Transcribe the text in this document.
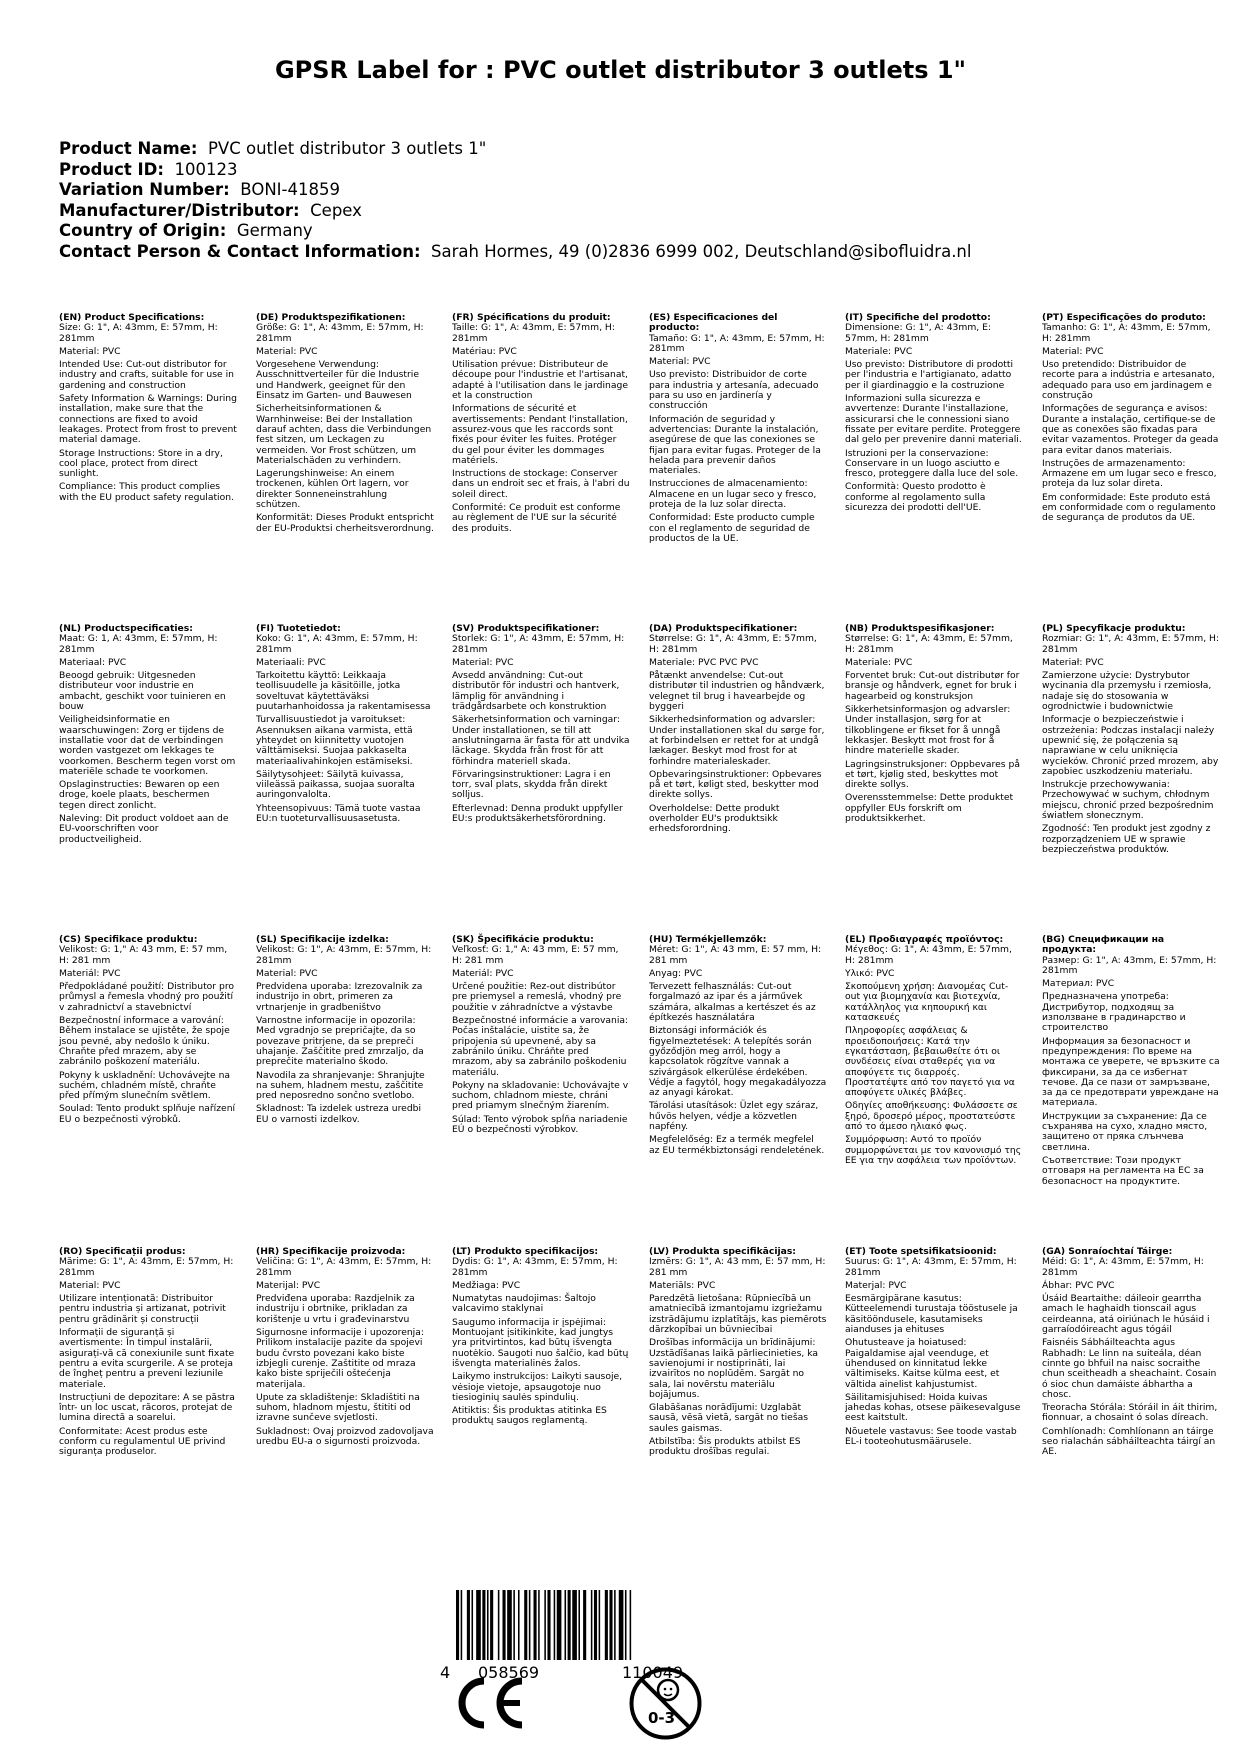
GPSR Label for : PVC outlet distributor 3 outlets 1"
Product Name: PVC outlet distributor 3 outlets 1"
Product ID: 100123
Variation Number: BONI-41859
Manufacturer/Distributor: Cepex
Country of Origin: Germany
Contact Person & Contact Information: Sarah Hormes, 49 (0)2836 6999 002, Deutschland@sibofluidra.nl
(EN) Product Specifications:

Size: G: 1", A: 43mm, E: 57mm, H: 281mm

Material: PVC

Intended Use: Cut-out distributor for industry and crafts, suitable for use in gardening and construction

Safety Information & Warnings: During installation, make sure that the connections are fixed to avoid leakages. Protect from frost to prevent material damage.

Storage Instructions: Store in a dry, cool place, protect from direct sunlight.

Compliance: This product complies with the EU product safety regulation.

(DE) Produktspezifikationen:

Größe: G: 1", A: 43mm, E: 57mm, H: 281mm

Material: PVC

Vorgesehene Verwendung: Ausschnittverteiler für die Industrie und Handwerk, geeignet für den Einsatz im Garten- und Bauwesen

Sicherheitsinformationen & Warnhinweise: Bei der Installation darauf achten, dass die Verbindungen fest sitzen, um Leckagen zu vermeiden. Vor Frost schützen, um Materialschäden zu verhindern.

Lagerungshinweise: An einem trockenen, kühlen Ort lagern, vor direkter Sonneneinstrahlung schützen.

Konformität: Dieses Produkt entspricht der EU-Produktsi cherheitsverordnung.

(FR) Spécifications du produit:

Taille: G: 1", A: 43mm, E: 57mm, H: 281mm

Matériau: PVC

Utilisation prévue: Distributeur de découpe pour l'industrie et l'artisanat, adapté à l'utilisation dans le jardinage et la construction

Informations de sécurité et avertissements: Pendant l'installation, assurez-vous que les raccords sont fixés pour éviter les fuites. Protéger du gel pour éviter les dommages matériels.

Instructions de stockage: Conserver dans un endroit sec et frais, à l'abri du soleil direct.

Conformité: Ce produit est conforme au règlement de l'UE sur la sécurité des produits.

(ES) Especificaciones del producto:

Tamaño: G: 1", A: 43mm, E: 57mm, H: 281mm

Material: PVC

Uso previsto: Distribuidor de corte para industria y artesanía, adecuado para su uso en jardinería y construcción

Información de seguridad y advertencias: Durante la instalación, asegúrese de que las conexiones se fijan para evitar fugas. Proteger de la helada para prevenir daños materiales.

Instrucciones de almacenamiento: Almacene en un lugar seco y fresco, proteja de la luz solar directa.

Conformidad: Este producto cumple con el reglamento de seguridad de productos de la UE.

(IT) Specifiche del prodotto:

Dimensione: G: 1", A: 43mm, E: 57mm, H: 281mm

Materiale: PVC

Uso previsto: Distributore di prodotti per l'industria e l'artigianato, adatto per il giardinaggio e la costruzione

Informazioni sulla sicurezza e avvertenze: Durante l'installazione, assicurarsi che le connessioni siano fissate per evitare perdite. Proteggere dal gelo per prevenire danni materiali.

Istruzioni per la conservazione: Conservare in un luogo asciutto e fresco, proteggere dalla luce del sole.

Conformità: Questo prodotto è conforme al regolamento sulla sicurezza dei prodotti dell'UE.

(PT) Especificações do produto:

Tamanho: G: 1", A: 43mm, E: 57mm, H: 281mm

Material: PVC

Uso pretendido: Distribuidor de recorte para a indústria e artesanato, adequado para uso em jardinagem e construção

Informações de segurança e avisos: Durante a instalação, certifique-se de que as conexões são fixadas para evitar vazamentos. Proteger da geada para evitar danos materiais.

Instruções de armazenamento: Armazene em um lugar seco e fresco, proteja da luz solar direta.

Em conformidade: Este produto está em conformidade com o regulamento de segurança de produtos da UE.

(NL) Productspecificaties:

Maat: G: 1, A: 43mm, E: 57mm, H: 281mm

Materiaal: PVC

Beoogd gebruik: Uitgesneden distributeur voor industrie en ambacht, geschikt voor tuinieren en bouw

Veiligheidsinformatie en waarschuwingen: Zorg er tijdens de installatie voor dat de verbindingen worden vastgezet om lekkages te voorkomen. Bescherm tegen vorst om materiële schade te voorkomen.

Opslaginstructies: Bewaren op een droge, koele plaats, beschermen tegen direct zonlicht.

Naleving: Dit product voldoet aan de EU-voorschriften voor productveiligheid.

(FI) Tuotetiedot:

Koko: G: 1", A: 43mm, E: 57mm, H: 281mm

Materiaali: PVC

Tarkoitettu käyttö: Leikkaaja teollisuudelle ja käsitöille, jotka soveltuvat käytettäväksi puutarhanhoidossa ja rakentamisessa

Turvallisuustiedot ja varoitukset: Asennuksen aikana varmista, että yhteydet on kiinnitetty vuotojen välttämiseksi. Suojaa pakkaselta materiaalivahinkojen estämiseksi.

Säilytysohjeet: Säilytä kuivassa, viileässä paikassa, suojaa suoralta auringonvalolta.

Yhteensopivuus: Tämä tuote vastaa EU:n tuoteturvallisuusasetusta.

(SV) Produktspecifikationer:

Storlek: G: 1", A: 43mm, E: 57mm, H: 281mm

Material: PVC

Avsedd användning: Cut-out distributör för industri och hantverk, lämplig för användning i trädgårdsarbete och konstruktion

Säkerhetsinformation och varningar: Under installationen, se till att anslutningarna är fasta för att undvika läckage. Skydda från frost för att förhindra materiell skada.

Förvaringsinstruktioner: Lagra i en torr, sval plats, skydda från direkt solljus.

Efterlevnad: Denna produkt uppfyller EU:s produktsäkerhetsförordning.

(DA) Produktspecifikationer:

Størrelse: G: 1", A: 43mm, E: 57mm, H: 281mm

Materiale: PVC PVC PVC

Påtænkt anvendelse: Cut-out distributør til industrien og håndværk, velegnet til brug i havearbejde og byggeri

Sikkerhedsinformation og advarsler: Under installationen skal du sørge for, at forbindelsen er rettet for at undgå lækager. Beskyt mod frost for at forhindre materialeskader.

Opbevaringsinstruktioner: Opbevares på et tørt, køligt sted, beskytter mod direkte sollys.

Overholdelse: Dette produkt overholder EU's produktsikk erhedsforordning.

(NB) Produktspesifikasjoner:

Størrelse: G: 1", A: 43mm, E: 57mm, H: 281mm

Materiale: PVC

Forventet bruk: Cut-out distributør for bransje og håndverk, egnet for bruk i hagearbeid og konstruksjon

Sikkerhetsinformasjon og advarsler: Under installasjon, sørg for at tilkoblingene er fikset for å unngå lekkasjer. Beskytt mot frost for å hindre materielle skader.

Lagringsinstruksjoner: Oppbevares på et tørt, kjølig sted, beskyttes mot direkte sollys.

Overensstemmelse: Dette produktet oppfyller EUs forskrift om produktsikkerhet.

(PL) Specyfikacje produktu:

Rozmiar: G: 1", A: 43mm, E: 57mm, H: 281mm

Materiał: PVC

Zamierzone użycie: Dystrybutor wycinania dla przemysłu i rzemiosła, nadaje się do stosowania w ogrodnictwie i budownictwie

Informacje o bezpieczeństwie i ostrzeżenia: Podczas instalacji należy upewnić się, że połączenia są naprawiane w celu uniknięcia wycieków. Chronić przed mrozem, aby zapobiec uszkodzeniu materiału.

Instrukcje przechowywania: Przechowywać w suchym, chłodnym miejscu, chronić przed bezpośrednim światłem słonecznym.

Zgodność: Ten produkt jest zgodny z rozporządzeniem UE w sprawie bezpieczeństwa produktów.

(CS) Specifikace produktu:

Velikost: G: 1," A: 43 mm, E: 57 mm, H: 281 mm

Materiál: PVC

Předpokládané použití: Distributor pro průmysl a řemesla vhodný pro použití v zahradnictví a stavebnictví

Bezpečnostní informace a varování: Během instalace se ujistěte, že spoje jsou pevné, aby nedošlo k úniku. Chraňte před mrazem, aby se zabránilo poškození materiálu.

Pokyny k uskladnění: Uchovávejte na suchém, chladném místě, chraňte před přímým slunečním světlem.

Soulad: Tento produkt splňuje nařízení EU o bezpečnosti výrobků.

(SL) Specifikacije izdelka:

Velikost: G: 1", A: 43mm, E: 57mm, H: 281mm

Material: PVC

Predvidena uporaba: Izrezovalnik za industrijo in obrt, primeren za vrtnarjenje in gradbeništvo

Varnostne informacije in opozorila: Med vgradnjo se prepričajte, da so povezave pritrjene, da se prepreči uhajanje. Zaščitite pred zmrzaljo, da preprečite materialno škodo.

Navodila za shranjevanje: Shranjujte na suhem, hladnem mestu, zaščitite pred neposredno sončno svetlobo.

Skladnost: Ta izdelek ustreza uredbi EU o varnosti izdelkov.

(SK) Špecifikácie produktu:

Veľkosť: G: 1," A: 43 mm, E: 57 mm, H: 281 mm

Materiál: PVC

Určené použitie: Rez-out distribútor pre priemysel a remeslá, vhodný pre použitie v záhradníctve a výstavbe

Bezpečnostné informácie a varovania: Počas inštalácie, uistite sa, že pripojenia sú upevnené, aby sa zabránilo úniku. Chráňte pred mrazom, aby sa zabránilo poškodeniu materiálu.

Pokyny na skladovanie: Uchovávajte v suchom, chladnom mieste, chráni pred priamym slnečným žiarením.

Súlad: Tento výrobok spĺňa nariadenie EÚ o bezpečnosti výrobkov.

(HU) Termékjellemzők:

Méret: G: 1", A: 43 mm, E: 57 mm, H: 281 mm

Anyag: PVC

Tervezett felhasználás: Cut-out forgalmazó az ipar és a járművek számára, alkalmas a kertészet és az építkezés használatára

Biztonsági információk és figyelmeztetések: A telepítés során győződjön meg arról, hogy a kapcsolatok rögzítve vannak a szivárgások elkerülése érdekében. Védje a fagytól, hogy megakadályozza az anyagi károkat.

Tárolási utasítások: Üzlet egy száraz, hűvös helyen, védje a közvetlen napfény.

Megfelelőség: Ez a termék megfelel az EU termékbiztonsági rendeletének.

(EL) Προδιαγραφές προϊόντος:

Μέγεθος: G: 1", A: 43mm, E: 57mm, H: 281mm

Υλικό: PVC

Σκοπούμενη χρήση: Διανομέας Cut-out για βιομηχανία και βιοτεχνία, κατάλληλος για κηπουρική και κατασκευές

Πληροφορίες ασφάλειας & προειδοποιήσεις: Κατά την εγκατάσταση, βεβαιωθείτε ότι οι συνδέσεις είναι σταθερές για να αποφύγετε τις διαρροές. Προστατέψτε από τον παγετό για να αποφύγετε υλικές βλάβες.

Οδηγίες αποθήκευσης: Φυλάσσετε σε ξηρό, δροσερό μέρος, προστατεύστε από το άμεσο ηλιακό φως.

Συμμόρφωση: Αυτό το προϊόν συμμορφώνεται με τον κανονισμό της ΕΕ για την ασφάλεια των προϊόντων.

(BG) Спецификации на продукта:

Размер: G: 1", A: 43mm, E: 57mm, H: 281mm

Материал: PVC

Предназначена употреба: Дистрибутор, подходящ за използване в градинарство и строителство

Информация за безопасност и предупреждения: По време на монтажа се уверете, че връзките са фиксирани, за да се избегнат течове. Да се пази от замръзване, за да се предотврати увреждане на материала.

Инструкции за съхранение: Да се съхранява на сухо, хладно място, защитено от пряка слънчева светлина.

Съответствие: Този продукт отговаря на регламента на ЕС за безопасност на продуктите.

(RO) Specificații produs:

Mărime: G: 1", A: 43mm, E: 57mm, H: 281mm

Material: PVC

Utilizare intenționată: Distribuitor pentru industria și artizanat, potrivit pentru grădinărit și construcții

Informații de siguranță și avertismente: În timpul instalării, asigurați-vă că conexiunile sunt fixate pentru a evita scurgerile. A se proteja de îngheț pentru a preveni leziunile materiale.

Instrucțiuni de depozitare: A se păstra într- un loc uscat, răcoros, protejat de lumina directă a soarelui.

Conformitate: Acest produs este conform cu regulamentul UE privind siguranța produselor.

(HR) Specifikacije proizvoda:

Veličina: G: 1", A: 43mm, E: 57mm, H: 281mm

Materijal: PVC

Predviđena uporaba: Razdjelnik za industriju i obrtnike, prikladan za korištenje u vrtu i građevinarstvu

Sigurnosne informacije i upozorenja: Prilikom instalacije pazite da spojevi budu čvrsto povezani kako biste izbjegli curenje. Zaštitite od mraza kako biste spriječili oštećenja materijala.

Upute za skladištenje: Skladištiti na suhom, hladnom mjestu, štititi od izravne sunčeve svjetlosti.

Sukladnost: Ovaj proizvod zadovoljava uredbu EU-a o sigurnosti proizvoda.

(LT) Produkto specifikacijos:

Dydis: G: 1", A: 43mm, E: 57mm, H: 281mm

Medžiaga: PVC

Numatytas naudojimas: Šaltojo valcavimo staklynai

Saugumo informacija ir įspėjimai: Montuojant įsitikinkite, kad jungtys yra pritvirtintos, kad būtų išvengta nuotėkio. Saugoti nuo šalčio, kad būtų išvengta materialinės žalos.

Laikymo instrukcijos: Laikyti sausoje, vėsioje vietoje, apsaugotoje nuo tiesioginių saulės spindulių.

Atitiktis: Šis produktas atitinka ES produktų saugos reglamentą.

(LV) Produkta specifikācijas:

Izmērs: G: 1", A: 43 mm, E: 57 mm, H: 281 mm

Materiāls: PVC

Paredzētā lietošana: Rūpniecībā un amatniecībā izmantojamu izgriežamu izstrādājumu izplatītājs, kas piemērots dārzkopībai un būvniecībai

Drošības informācija un brīdinājumi: Uzstādīšanas laikā pārliecinieties, ka savienojumi ir nostiprināti, lai izvairītos no noplūdēm. Sargāt no sala, lai novērstu materiālu bojājumus.

Glabāšanas norādījumi: Uzglabāt sausā, vēsā vietā, sargāt no tiešas saules gaismas.

Atbilstība: Šis produkts atbilst ES produktu drošības regulai.

(ET) Toote spetsifikatsioonid:

Suurus: G: 1", A: 43mm, E: 57mm, H: 281mm

Materjal: PVC

Eesmärgipärane kasutus: Kütteelemendi turustaja tööstusele ja käsitöönduselе, kasutamiseks aianduses ja ehituses

Ohutusteave ja hoiatused: Paigaldamise ajal veenduge, et ühendused on kinnitatud lekke vältimiseks. Kaitse külma eest, et vältida ainelist kahjustumist.

Säilitamisjuhised: Hoida kuivas jahedas kohas, otsese päikesevalguse eest kaitstult.

Nõuetele vastavus: See toode vastab EL-i tooteohutusmäärusele.

(GA) Sonraíochtaí Táirge:

Méid: G: 1", A: 43mm, E: 57mm, H: 281mm

Ábhar: PVC PVC

Úsáid Beartaithe: dáileoir gearrtha amach le haghaidh tionscail agus ceirdeanna, atá oiriúnach le húsáid i garraíodóireacht agus tógáil

Faisnéis Sábháilteachta agus Rabhadh: Le linn na suiteála, déan cinnte go bhfuil na naisc socraithe chun sceitheadh a sheachaint. Cosain ó sioc chun damáiste ábhartha a chosc.

Treoracha Stórála: Stóráil in áit thirim, fionnuar, a chosaint ó solas díreach.

Comhlíonadh: Comhlíonann an táirge seo rialachán sábháilteachta táirgí an AE.

4 058569	110049
0-3
